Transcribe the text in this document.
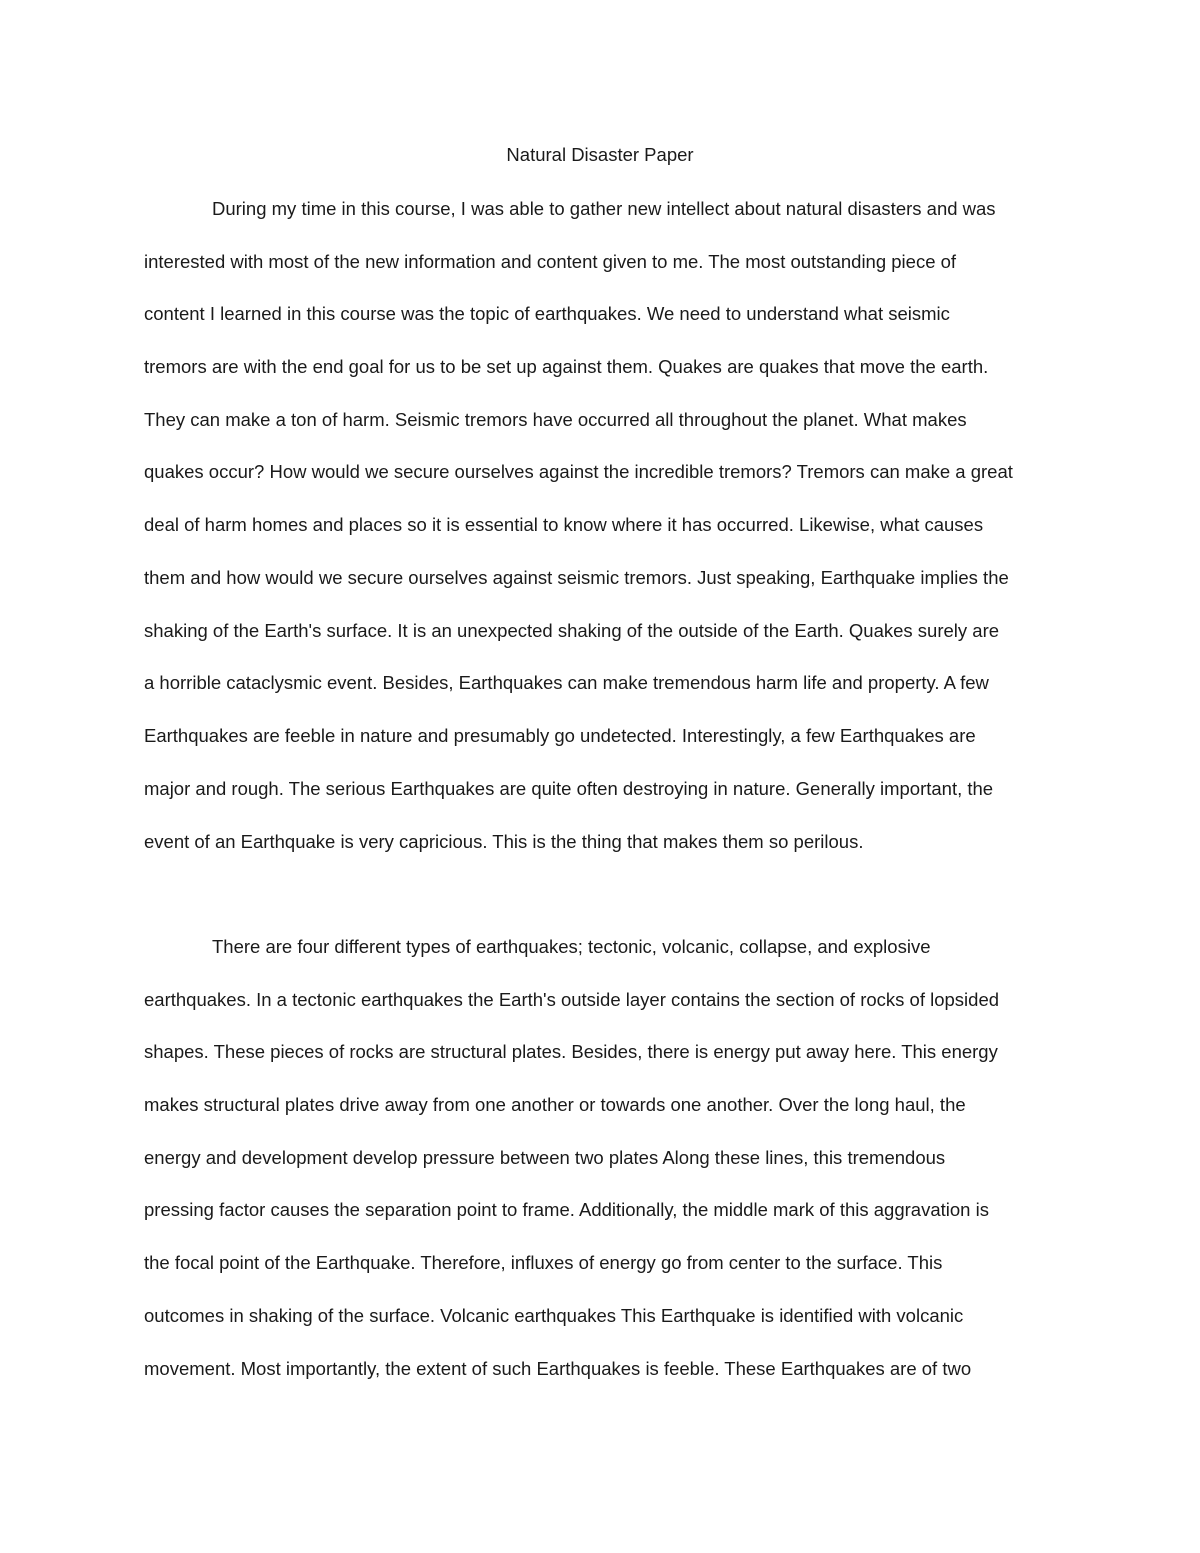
Natural Disaster Paper

During my time in this course, I was able to gather new intellect about natural disasters and was

interested with most of the new information and content given to me. The most outstanding piece of

content I learned in this course was the topic of earthquakes. We need to understand what seismic

tremors are with the end goal for us to be set up against them. Quakes are quakes that move the earth.

They can make a ton of harm. Seismic tremors have occurred all throughout the planet. What makes

quakes occur? How would we secure ourselves against the incredible tremors? Tremors can make a great

deal of harm homes and places so it is essential to know where it has occurred. Likewise, what causes

them and how would we secure ourselves against seismic tremors. Just speaking, Earthquake implies the

shaking of the Earth's surface. It is an unexpected shaking of the outside of the Earth. Quakes surely are

a horrible cataclysmic event. Besides, Earthquakes can make tremendous harm life and property. A few

Earthquakes are feeble in nature and presumably go undetected. Interestingly, a few Earthquakes are

major and rough. The serious Earthquakes are quite often destroying in nature. Generally important, the

event of an Earthquake is very capricious. This is the thing that makes them so perilous.

There are four different types of earthquakes; tectonic, volcanic, collapse, and explosive

earthquakes. In a tectonic earthquakes the Earth's outside layer contains the section of rocks of lopsided

shapes. These pieces of rocks are structural plates. Besides, there is energy put away here. This energy

makes structural plates drive away from one another or towards one another. Over the long haul, the

energy and development develop pressure between two plates Along these lines, this tremendous

pressing factor causes the separation point to frame. Additionally, the middle mark of this aggravation is

the focal point of the Earthquake. Therefore, influxes of energy go from center to the surface. This

outcomes in shaking of the surface. Volcanic earthquakes This Earthquake is identified with volcanic

movement. Most importantly, the extent of such Earthquakes is feeble. These Earthquakes are of two
